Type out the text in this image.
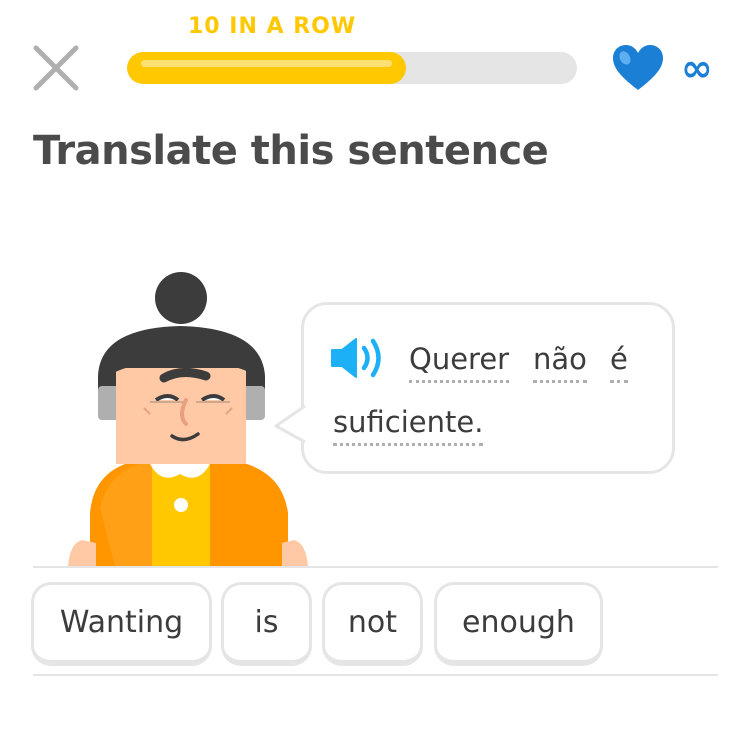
10 IN A ROW
∞
Translate this sentence
Querer não é
suficiente.
Wanting	is	not	enough
